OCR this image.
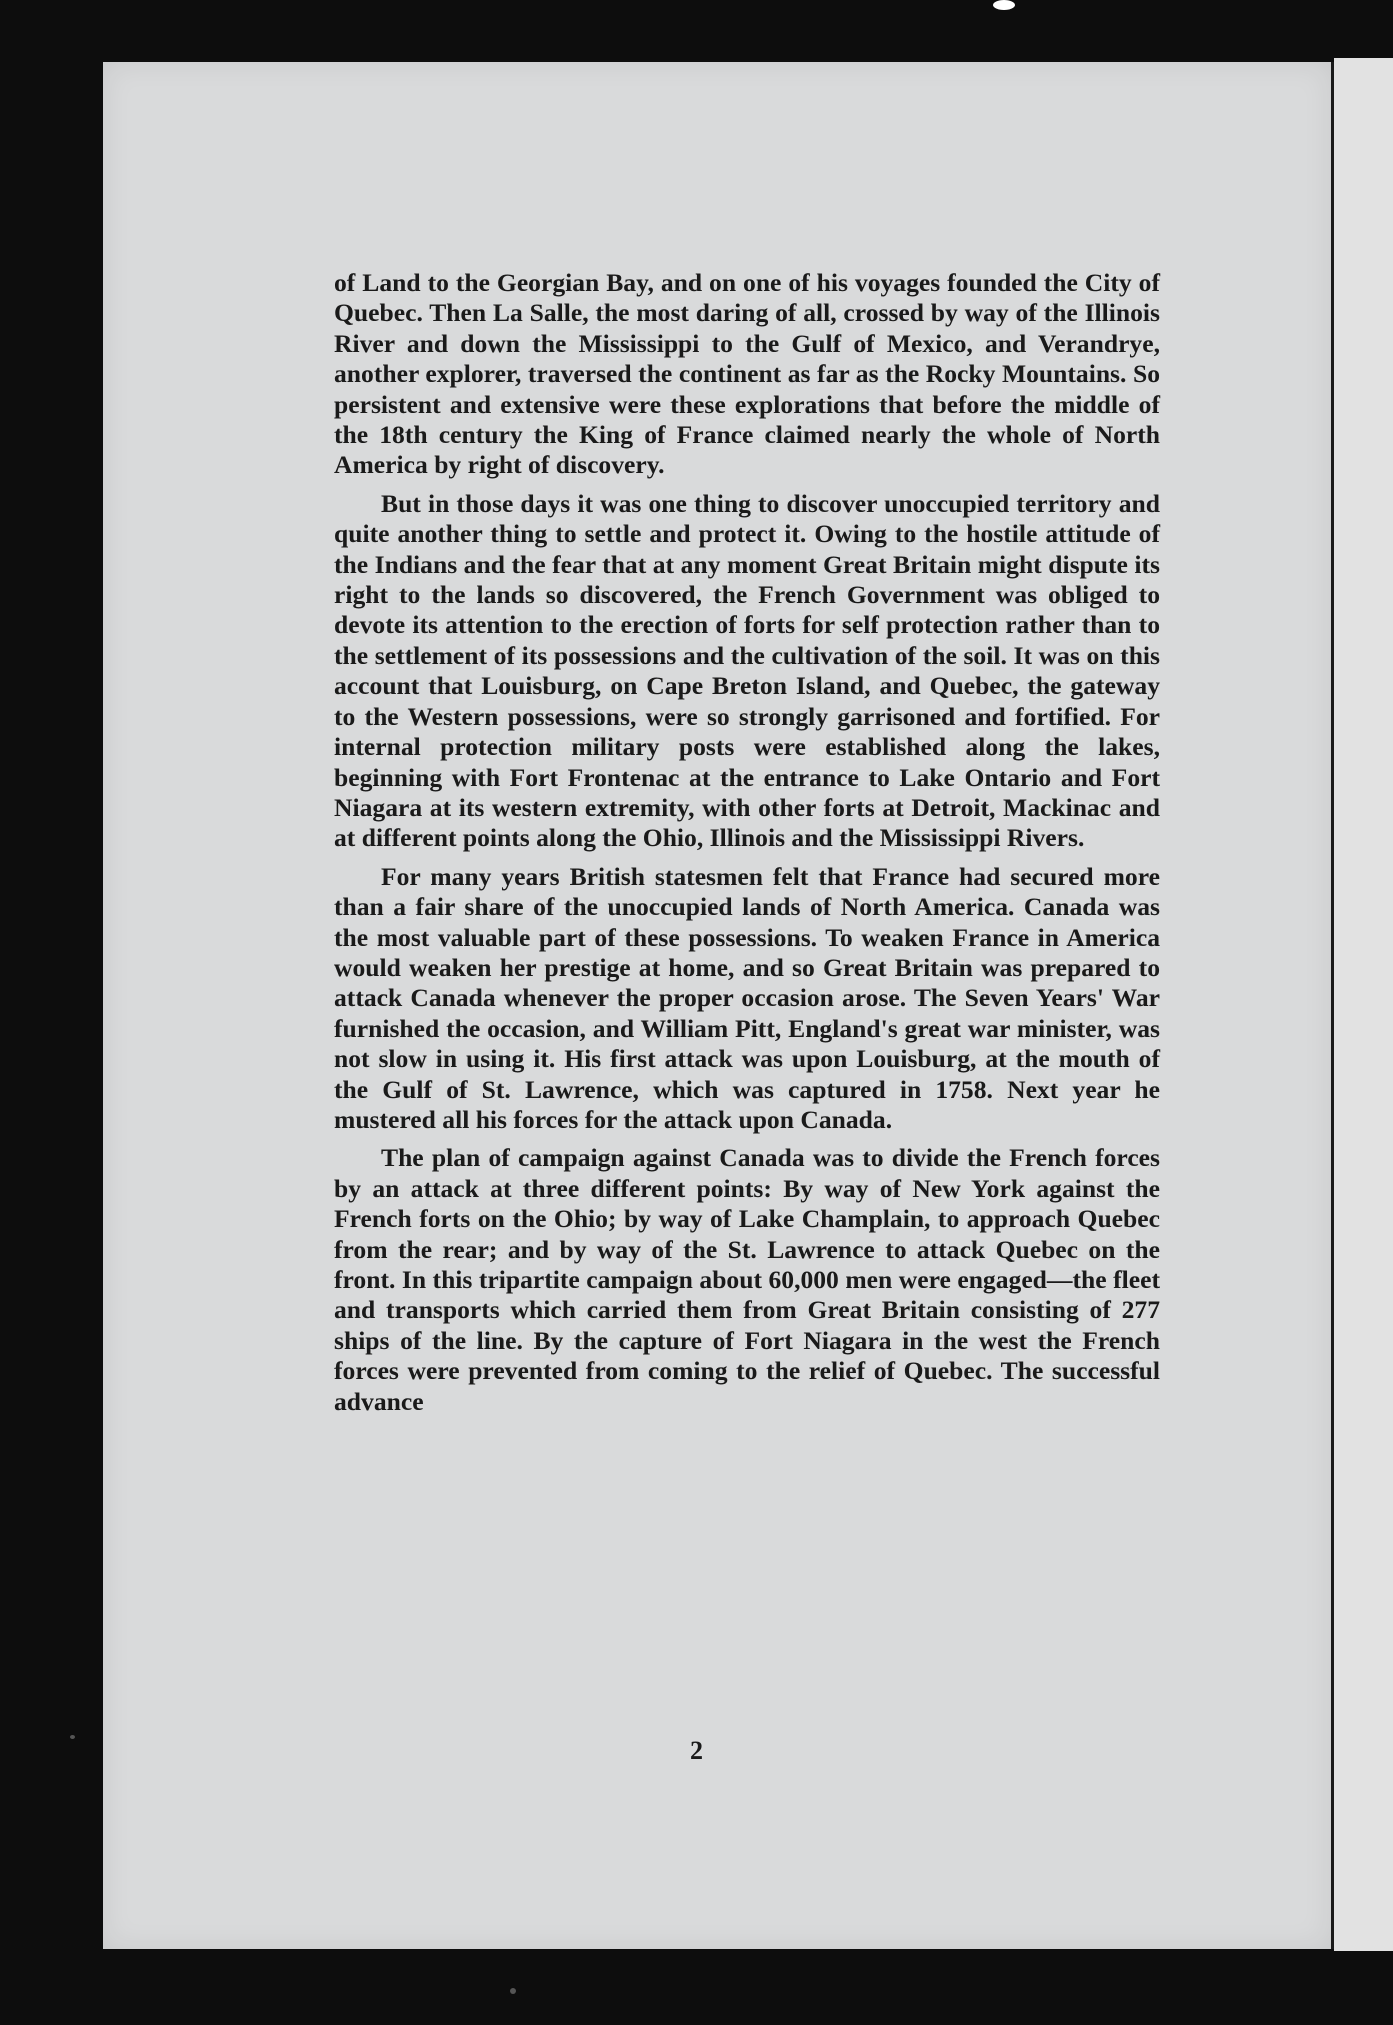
of Land to the Georgian Bay, and on one of his voyages founded the City of Quebec. Then La Salle, the most daring of all, crossed by way of the Illinois River and down the Mississippi to the Gulf of Mexico, and Verandrye, another explorer, traversed the continent as far as the Rocky Mountains. So persistent and extensive were these explorations that before the middle of the 18th century the King of France claimed nearly the whole of North America by right of discovery.

But in those days it was one thing to discover unoccupied territory and quite another thing to settle and protect it. Owing to the hostile attitude of the Indians and the fear that at any moment Great Britain might dispute its right to the lands so discovered, the French Government was obliged to devote its attention to the erection of forts for self protection rather than to the settlement of its possessions and the cultivation of the soil. It was on this account that Louisburg, on Cape Breton Island, and Quebec, the gateway to the Western possessions, were so strongly garrisoned and fortified. For internal protection military posts were established along the lakes, beginning with Fort Frontenac at the entrance to Lake Ontario and Fort Niagara at its western extremity, with other forts at Detroit, Mackinac and at different points along the Ohio, Illinois and the Mississippi Rivers.

For many years British statesmen felt that France had secured more than a fair share of the unoccupied lands of North America. Canada was the most valuable part of these possessions. To weaken France in America would weaken her prestige at home, and so Great Britain was prepared to attack Canada whenever the proper occasion arose. The Seven Years' War furnished the occasion, and William Pitt, England's great war minister, was not slow in using it. His first attack was upon Louisburg, at the mouth of the Gulf of St. Lawrence, which was captured in 1758. Next year he mustered all his forces for the attack upon Canada.

The plan of campaign against Canada was to divide the French forces by an attack at three different points: By way of New York against the French forts on the Ohio; by way of Lake Champlain, to approach Quebec from the rear; and by way of the St. Lawrence to attack Quebec on the front. In this tripartite campaign about 60,000 men were engaged—the fleet and transports which carried them from Great Britain consisting of 277 ships of the line. By the capture of Fort Niagara in the west the French forces were prevented from coming to the relief of Quebec. The successful advance

2
